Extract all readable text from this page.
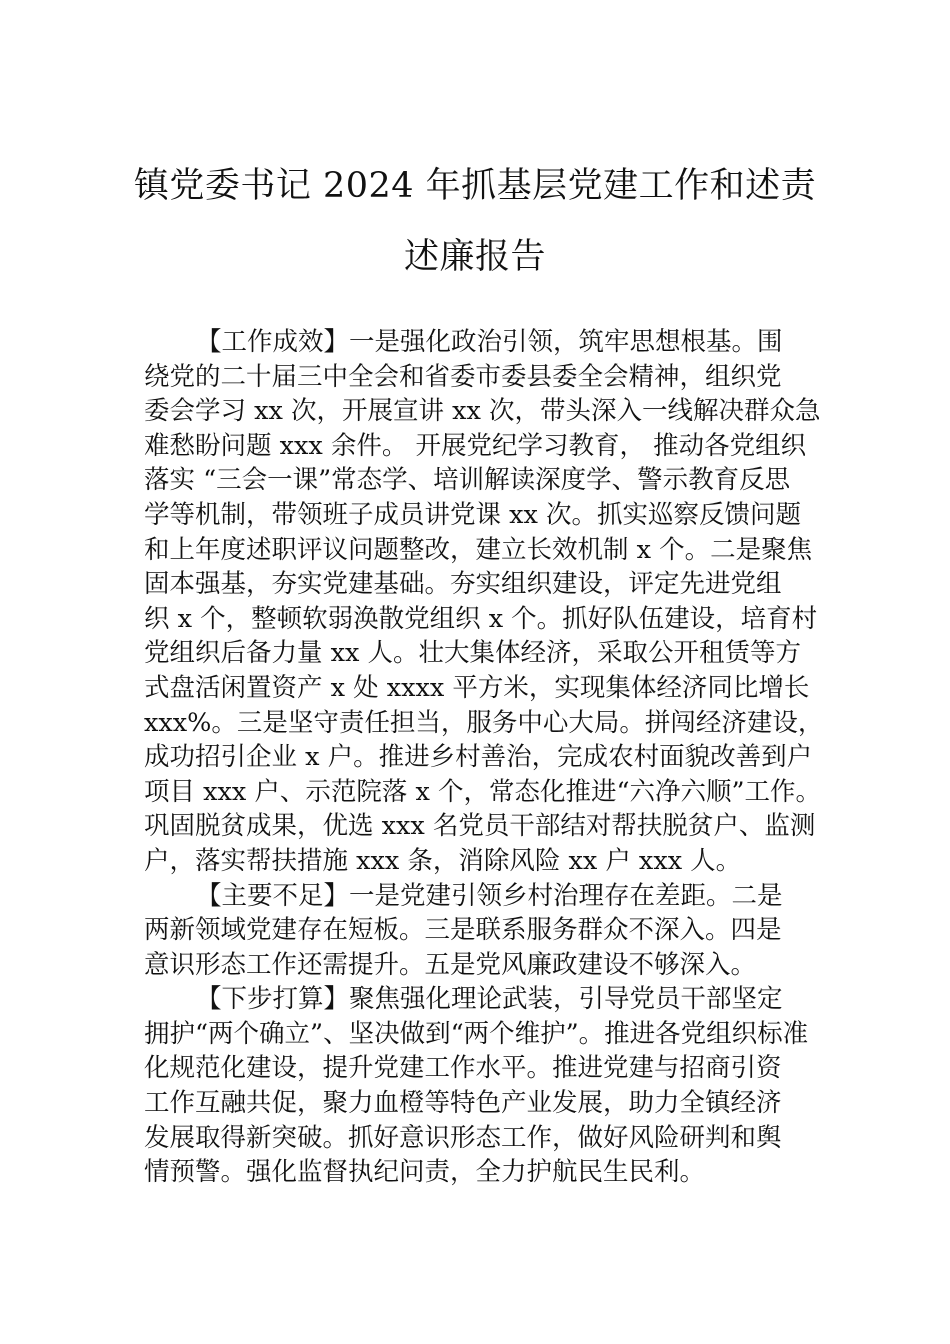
镇党委书记 2024 年抓基层党建工作和述责
述廉报告
【工作成效】一是强化政治引领，筑牢思想根基。围
绕党的二十届三中全会和省委市委县委全会精神，组织党
委会学习 xx 次，开展宣讲 xx 次，带头深入一线解决群众急
难愁盼问题 xxx 余件。 开展党纪学习教育， 推动各党组织
落实 “三会一课”常态学、培训解读深度学、警示教育反思
学等机制，带领班子成员讲党课 xx 次。抓实巡察反馈问题
和上年度述职评议问题整改，建立长效机制 x 个。二是聚焦
固本强基，夯实党建基础。夯实组织建设，评定先进党组
织 x 个，整顿软弱涣散党组织 x 个。抓好队伍建设，培育村
党组织后备力量 xx 人。壮大集体经济，采取公开租赁等方
式盘活闲置资产 x 处 xxxx 平方米，实现集体经济同比增长
xxx%。三是坚守责任担当，服务中心大局。拼闯经济建设，
成功招引企业 x 户。推进乡村善治，完成农村面貌改善到户
项目 xxx 户、示范院落 x 个，常态化推进“六净六顺”工作。
巩固脱贫成果，优选 xxx 名党员干部结对帮扶脱贫户、监测
户，落实帮扶措施 xxx 条，消除风险 xx 户 xxx 人。
【主要不足】一是党建引领乡村治理存在差距。二是
两新领域党建存在短板。三是联系服务群众不深入。四是
意识形态工作还需提升。五是党风廉政建设不够深入。
【下步打算】聚焦强化理论武装，引导党员干部坚定
拥护“两个确立”、坚决做到“两个维护”。推进各党组织标准
化规范化建设，提升党建工作水平。推进党建与招商引资
工作互融共促，聚力血橙等特色产业发展，助力全镇经济
发展取得新突破。抓好意识形态工作，做好风险研判和舆
情预警。强化监督执纪问责，全力护航民生民利。
